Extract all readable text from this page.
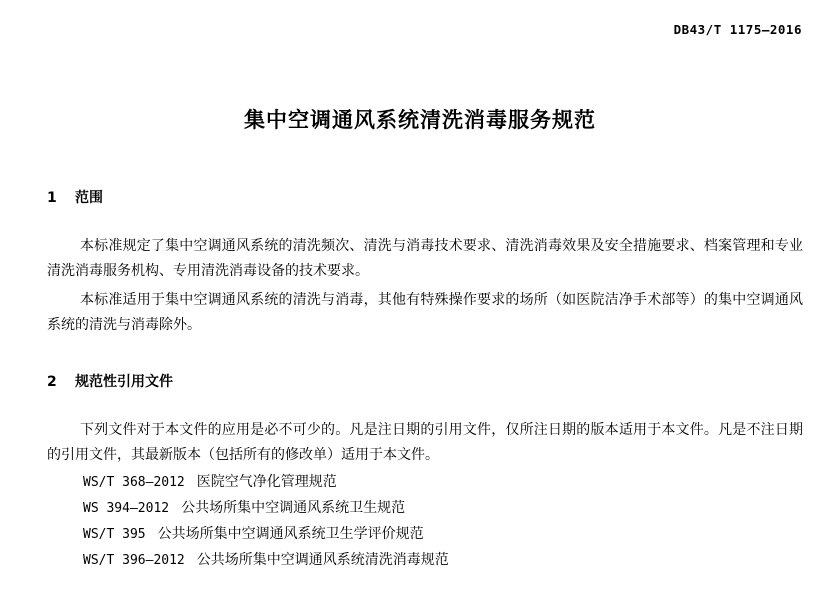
DB43/T 1175—2016
集中空调通风系统清洗消毒服务规范
1 范围
本标准规定了集中空调通风系统的清洗频次、清洗与消毒技术要求、清洗消毒效果及安全措施要求、档案管理和专业清洗消毒服务机构、专用清洗消毒设备的技术要求。
本标准适用于集中空调通风系统的清洗与消毒，其他有特殊操作要求的场所（如医院洁净手术部等）的集中空调通风系统的清洗与消毒除外。
2 规范性引用文件
下列文件对于本文件的应用是必不可少的。凡是注日期的引用文件，仅所注日期的版本适用于本文件。凡是不注日期的引用文件，其最新版本（包括所有的修改单）适用于本文件。
WS/T 368—2012 医院空气净化管理规范
WS 394—2012 公共场所集中空调通风系统卫生规范
WS/T 395 公共场所集中空调通风系统卫生学评价规范
WS/T 396—2012 公共场所集中空调通风系统清洗消毒规范
